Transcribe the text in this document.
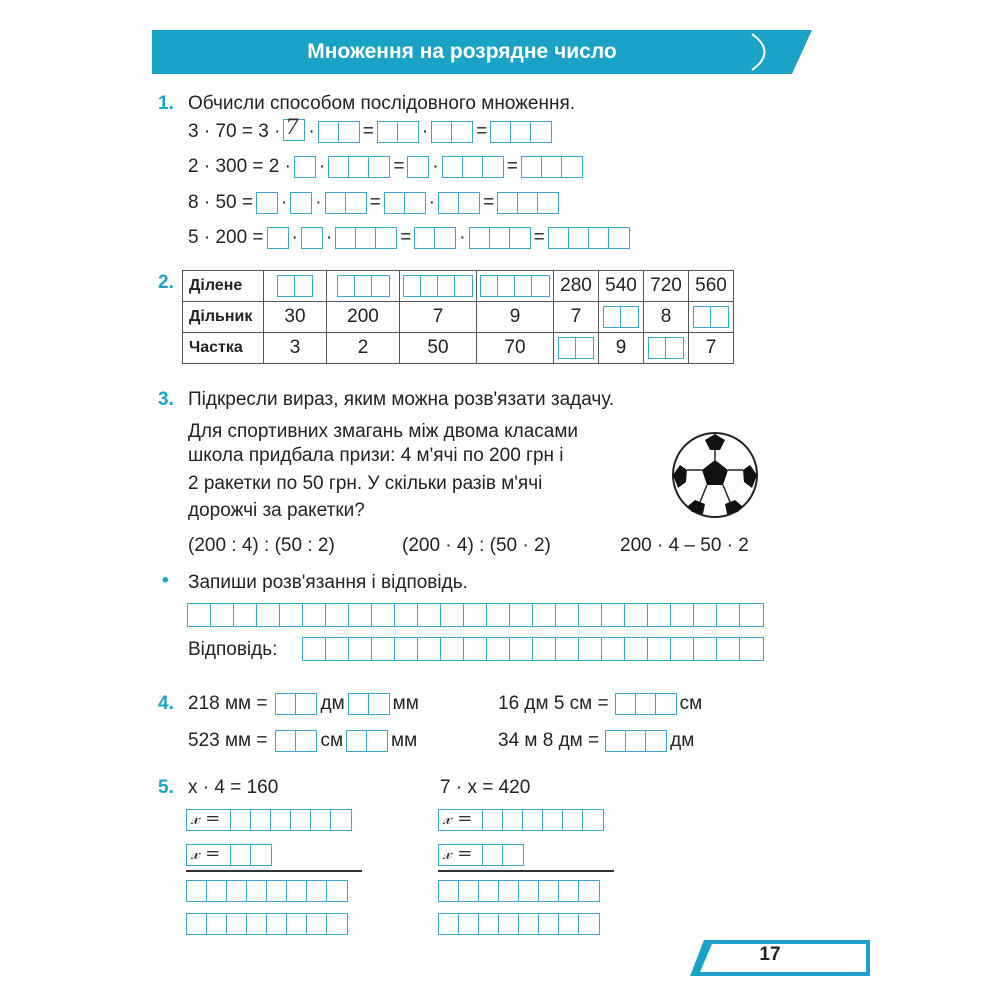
Множення на розрядне число
1. Обчисли способом послідовного множення.
3 · 70 = 3 · 7 ·	=	·	=
2 · 300 = 2 · ·	= ·	=
8 · 50 = · ·	=	·	=
5 · 200 = · ·	=	·	=
2. Ділене					280	540	720	560
Дільник	30	200	7	9	7		8	

Частка	3	2	50	70		9		7
3. Підкресли вираз, яким можна розв'язати задачу.
Для спортивних змагань між двома класами
школа придбала призи: 4 м'ячі по 200 грн і
2 ракетки по 50 грн. У скільки разів м'ячі
дорожчі за ракетки?
(200 : 4) : (50 : 2)	(200 · 4) : (50 · 2)	200 · 4 – 50 · 2
• Запиши розв'язання і відповідь.
Відповідь:
4. 218 мм =	дм	мм
523 мм =	см	мм
16 дм 5 см =	см
34 м 8 дм =	дм
5. x · 4 = 160	7 · x = 420
𝓍 =
𝓍 =
𝓍 =
𝓍 =
17
